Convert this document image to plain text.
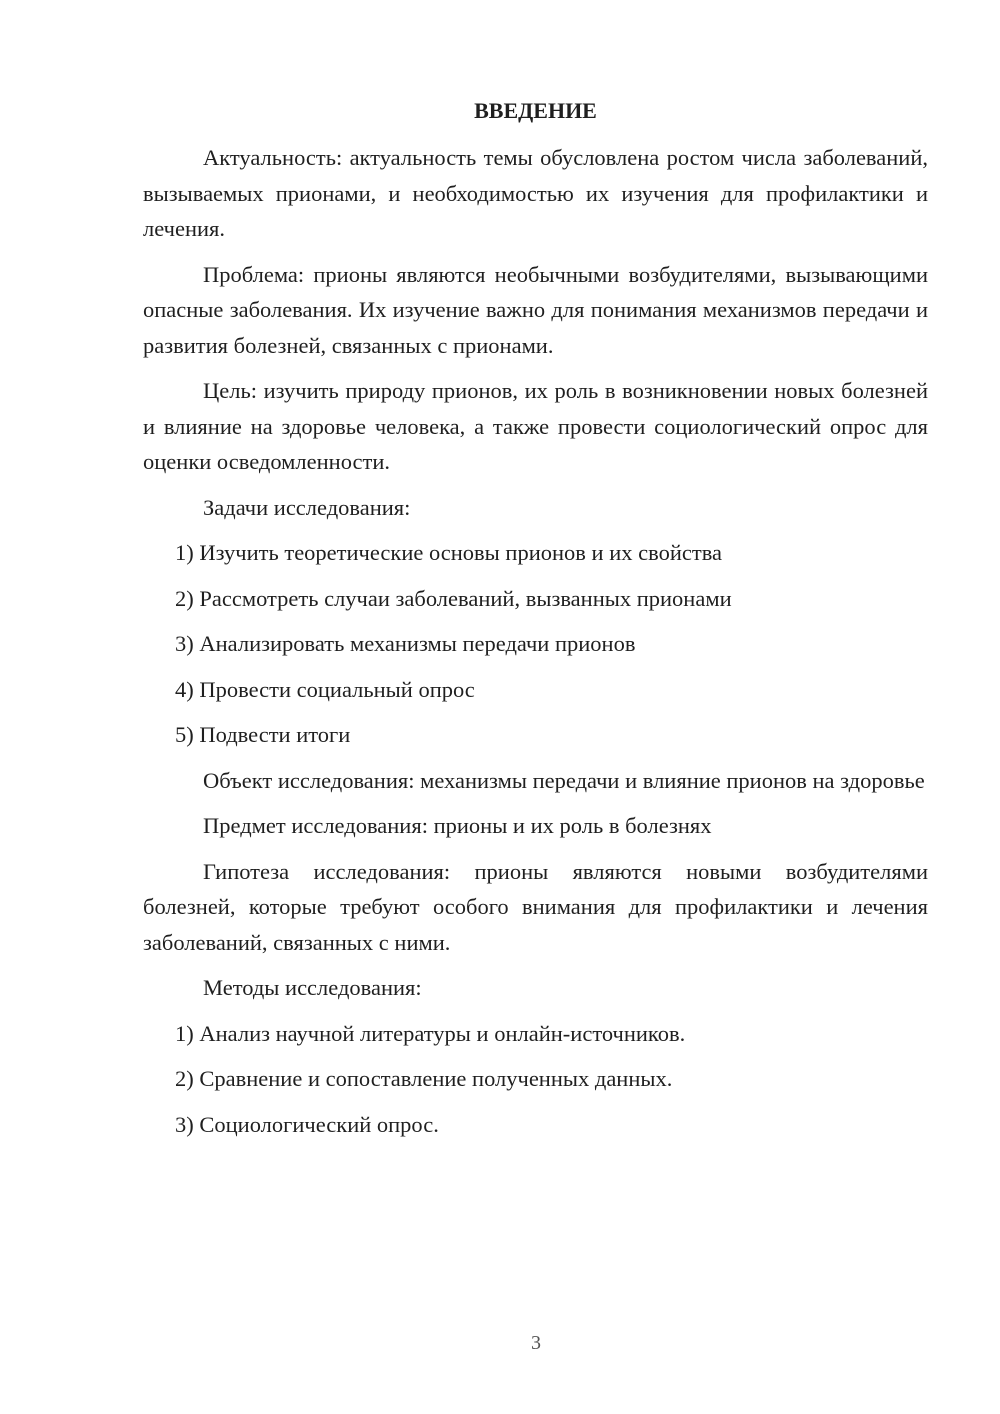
ВВЕДЕНИЕ

Актуальность: актуальность темы обусловлена ростом числа заболеваний, вызываемых прионами, и необходимостью их изучения для профилактики и лечения.

Проблема: прионы являются необычными возбудителями, вызывающими опасные заболевания. Их изучение важно для понимания механизмов передачи и развития болезней, связанных с прионами.

Цель: изучить природу прионов, их роль в возникновении новых болезней и влияние на здоровье человека, а также провести социологический опрос для оценки осведомленности.

Задачи исследования:

1) Изучить теоретические основы прионов и их свойства

2) Рассмотреть случаи заболеваний, вызванных прионами

3) Анализировать механизмы передачи прионов

4) Провести социальный опрос

5) Подвести итоги

Объект исследования: механизмы передачи и влияние прионов на здоровье

Предмет исследования: прионы и их роль в болезнях

Гипотеза исследования: прионы являются новыми возбудителями болезней, которые требуют особого внимания для профилактики и лечения заболеваний, связанных с ними.

Методы исследования:

1) Анализ научной литературы и онлайн-источников.

2) Сравнение и сопоставление полученных данных.

3) Социологический опрос.

3
